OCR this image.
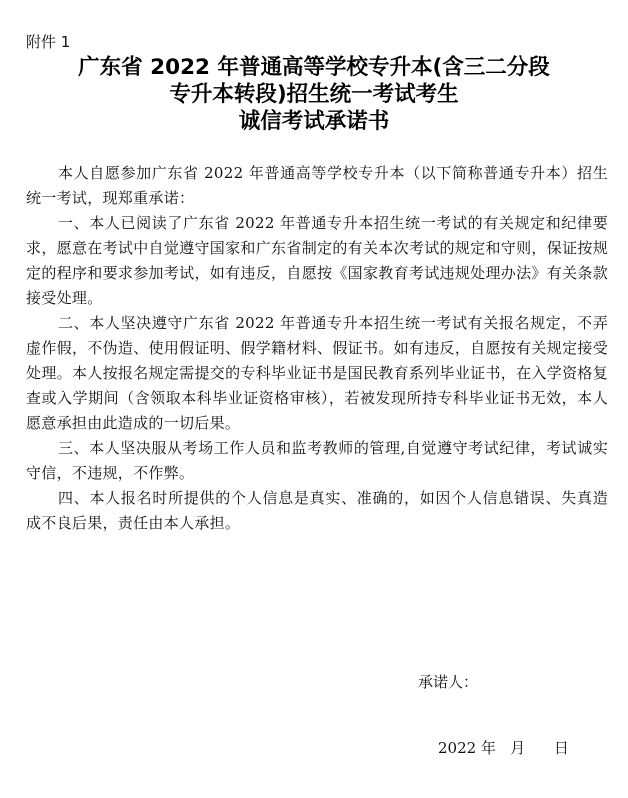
附件 1
广东省 2022 年普通高等学校专升本(含三二分段
专升本转段)招生统一考试考生
诚信考试承诺书

本人自愿参加广东省 2022 年普通高等学校专升本（以下简称普通专升本）招生统一考试，现郑重承诺：

一、本人已阅读了广东省 2022 年普通专升本招生统一考试的有关规定和纪律要求，愿意在考试中自觉遵守国家和广东省制定的有关本次考试的规定和守则，保证按规定的程序和要求参加考试，如有违反，自愿按《国家教育考试违规处理办法》有关条款接受处理。

二、本人坚决遵守广东省 2022 年普通专升本招生统一考试有关报名规定，不弄虚作假，不伪造、使用假证明、假学籍材料、假证书。如有违反，自愿按有关规定接受处理。本人按报名规定需提交的专科毕业证书是国民教育系列毕业证书，在入学资格复查或入学期间（含领取本科毕业证资格审核），若被发现所持专科毕业证书无效，本人愿意承担由此造成的一切后果。

三、本人坚决服从考场工作人员和监考教师的管理,自觉遵守考试纪律，考试诚实守信，不违规，不作弊。

四、本人报名时所提供的个人信息是真实、准确的，如因个人信息错误、失真造成不良后果，责任由本人承担。

承诺人：
2022 年   月      日
